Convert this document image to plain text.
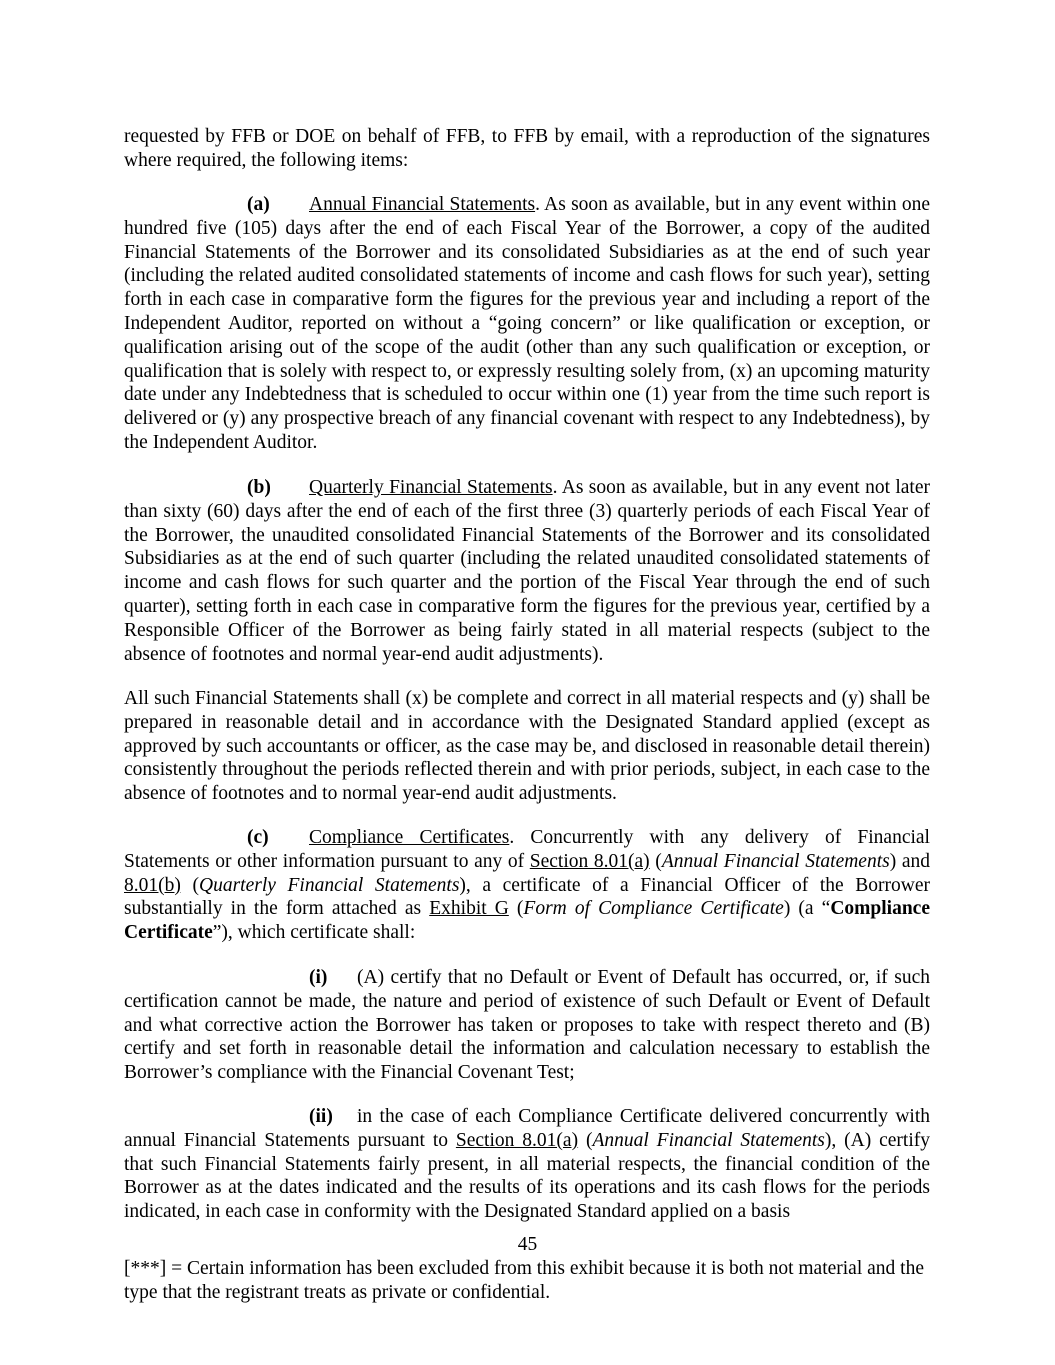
requested by FFB or DOE on behalf of FFB, to FFB by email, with a reproduction of the signatures where required, the following items:

(a) Annual Financial Statements. As soon as available, but in any event within one hundred five (105) days after the end of each Fiscal Year of the Borrower, a copy of the audited Financial Statements of the Borrower and its consolidated Subsidiaries as at the end of such year (including the related audited consolidated statements of income and cash flows for such year), setting forth in each case in comparative form the figures for the previous year and including a report of the Independent Auditor, reported on without a “going concern” or like qualification or exception, or qualification arising out of the scope of the audit (other than any such qualification or exception, or qualification that is solely with respect to, or expressly resulting solely from, (x) an upcoming maturity date under any Indebtedness that is scheduled to occur within one (1) year from the time such report is delivered or (y) any prospective breach of any financial covenant with respect to any Indebtedness), by the Independent Auditor.

(b) Quarterly Financial Statements. As soon as available, but in any event not later than sixty (60) days after the end of each of the first three (3) quarterly periods of each Fiscal Year of the Borrower, the unaudited consolidated Financial Statements of the Borrower and its consolidated Subsidiaries as at the end of such quarter (including the related unaudited consolidated statements of income and cash flows for such quarter and the portion of the Fiscal Year through the end of such quarter), setting forth in each case in comparative form the figures for the previous year, certified by a Responsible Officer of the Borrower as being fairly stated in all material respects (subject to the absence of footnotes and normal year-end audit adjustments).

All such Financial Statements shall (x) be complete and correct in all material respects and (y) shall be prepared in reasonable detail and in accordance with the Designated Standard applied (except as approved by such accountants or officer, as the case may be, and disclosed in reasonable detail therein) consistently throughout the periods reflected therein and with prior periods, subject, in each case to the absence of footnotes and to normal year-end audit adjustments.

(c) Compliance Certificates. Concurrently with any delivery of Financial Statements or other information pursuant to any of Section 8.01(a) (Annual Financial Statements) and 8.01(b) (Quarterly Financial Statements), a certificate of a Financial Officer of the Borrower substantially in the form attached as Exhibit G (Form of Compliance Certificate) (a “Compliance Certificate”), which certificate shall:

(i) (A) certify that no Default or Event of Default has occurred, or, if such certification cannot be made, the nature and period of existence of such Default or Event of Default and what corrective action the Borrower has taken or proposes to take with respect thereto and (B) certify and set forth in reasonable detail the information and calculation necessary to establish the Borrower’s compliance with the Financial Covenant Test;

(ii) in the case of each Compliance Certificate delivered concurrently with annual Financial Statements pursuant to Section 8.01(a) (Annual Financial Statements), (A) certify that such Financial Statements fairly present, in all material respects, the financial condition of the Borrower as at the dates indicated and the results of its operations and its cash flows for the periods indicated, in each case in conformity with the Designated Standard applied on a basis

45

[***] = Certain information has been excluded from this exhibit because it is both not material and the type that the registrant treats as private or confidential.
